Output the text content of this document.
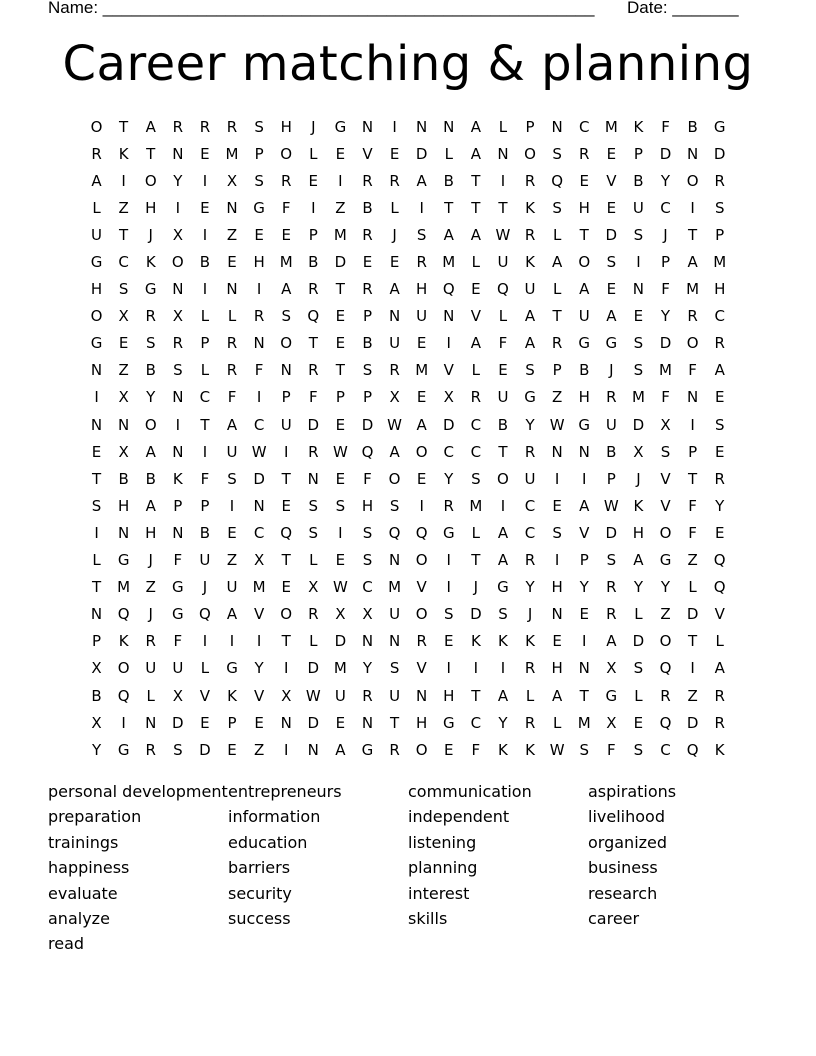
Name: ____________________________________________________ Date: _______
Career matching & planning
O	T	A	R	R	R	S	H	J	G	N	I	N	N	A	L	P	N	C	M	K	F	B	G
R	K	T	N	E	M	P	O	L	E	V	E	D	L	A	N	O	S	R	E	P	D	N	D
A	I	O	Y	I	X	S	R	E	I	R	R	A	B	T	I	R	Q	E	V	B	Y	O	R
L	Z	H	I	E	N	G	F	I	Z	B	L	I	T	T	T	K	S	H	E	U	C	I	S
U	T	J	X	I	Z	E	E	P	M	R	J	S	A	A W R	L	T	D	S	J	T	P
G	C	K	O	B	E	H M	B	D	E	E	R	M	L	U	K	A	O	S	I	P	A	M
H	S	G	N	I	N	I	A	R	T	R	A	H	Q	E	Q	U	L	A	E	N	F	M H
O	X	R	X	L	L	R	S	Q	E	P	N	U	N	V	L	A	T	U	A	E	Y	R	C
G	E	S	R	P	R	N	O	T	E	B	U	E	I	A	F	A	R	G	G	S	D	O	R
N	Z	B	S	L	R	F	N	R	T	S	R	M	V	L	E	S	P	B	J	S	M	F	A
I	X	Y	N	C	F	I	P	F	P	P	X	E	X	R	U	G	Z	H	R	M	F	N	E
N	N	O	I	T	A	C	U	D	E	D W A	D	C	B	Y	W G	U	D	X	I	S
E	X	A	N	I	U W	I	R W Q	A	O	C	C	T	R	N	N	B	X	S	P	E
T	B	B	K	F	S	D	T	N	E	F	O	E	Y	S	O	U	I	I	P	J	V	T	R
S	H	A	P	P	I	N	E	S	S	H	S	I	R	M	I	C	E	A W K	V	F	Y
I	N	H	N	B	E	C	Q	S	I	S	Q	Q	G	L	A	C	S	V	D	H	O	F	E
L	G	J	F	U	Z	X	T	L	E	S	N	O	I	T	A	R	I	P	S	A	G	Z	Q
T	M	Z	G	J	U	M	E	X W C	M	V	I	J	G	Y	H	Y	R	Y	Y	L	Q
N	Q	J	G	Q	A	V	O	R	X	X	U	O	S	D	S	J	N	E	R	L	Z	D	V
P	K	R	F	I	I	I	T	L	D	N	N	R	E	K	K	K	E	I	A	D	O	T	L
X	O	U	U	L	G	Y	I	D M	Y	S	V	I	I	I	R	H	N	X	S	Q	I	A
B	Q	L	X	V	K	V	X W U	R	U	N	H	T	A	L	A	T	G	L	R	Z	R
X	I	N	D	E	P	E	N	D	E	N	T	H	G	C	Y	R	L	M	X	E	Q	D	R
Y	G	R	S	D	E	Z	I	N	A	G	R	O	E	F	K	K W S	F	S	C	Q	K
personal development
preparation
trainings
happiness
evaluate
analyze
read
entrepreneurs
information
education
barriers
security
success
communication
independent
listening
planning
interest
skills
aspirations
livelihood
organized
business
research
career
